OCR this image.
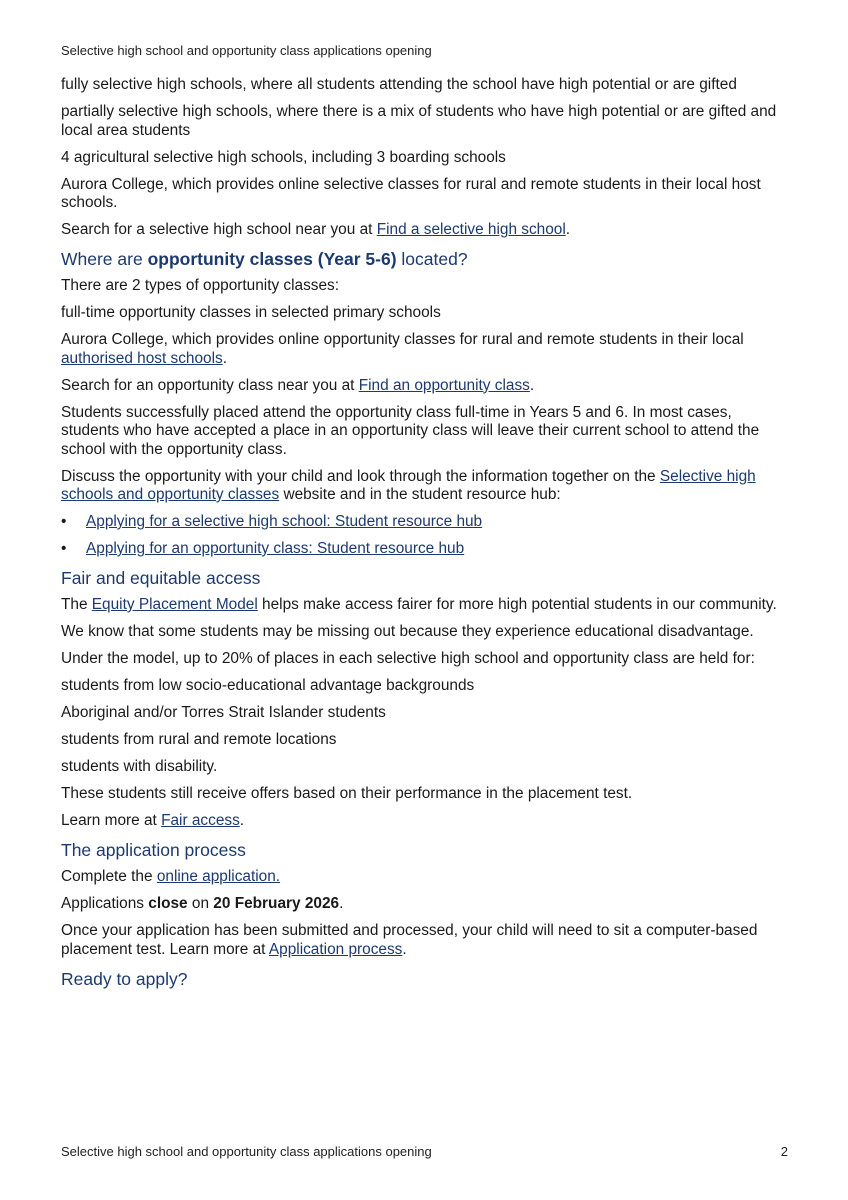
Selective high school and opportunity class applications opening

fully selective high schools, where all students attending the school have high potential or are gifted

partially selective high schools, where there is a mix of students who have high potential or are gifted and local area students

4 agricultural selective high schools, including 3 boarding schools

Aurora College, which provides online selective classes for rural and remote students in their local host schools.

Search for a selective high school near you at Find a selective high school.

Where are opportunity classes (Year 5-6) located?

There are 2 types of opportunity classes:

full-time opportunity classes in selected primary schools

Aurora College, which provides online opportunity classes for rural and remote students in their local authorised host schools.

Search for an opportunity class near you at Find an opportunity class.

Students successfully placed attend the opportunity class full-time in Years 5 and 6. In most cases, students who have accepted a place in an opportunity class will leave their current school to attend the school with the opportunity class.

Discuss the opportunity with your child and look through the information together on the Selective high schools and opportunity classes website and in the student resource hub:

• Applying for a selective high school: Student resource hub
• Applying for an opportunity class: Student resource hub
Fair and equitable access

The Equity Placement Model helps make access fairer for more high potential students in our community.

We know that some students may be missing out because they experience educational disadvantage.

Under the model, up to 20% of places in each selective high school and opportunity class are held for:

students from low socio-educational advantage backgrounds

Aboriginal and/or Torres Strait Islander students

students from rural and remote locations

students with disability.

These students still receive offers based on their performance in the placement test.

Learn more at Fair access.

The application process

Complete the online application.

Applications close on 20 February 2026.

Once your application has been submitted and processed, your child will need to sit a computer-based placement test. Learn more at Application process.

Ready to apply?
Selective high school and opportunity class applications opening	2
